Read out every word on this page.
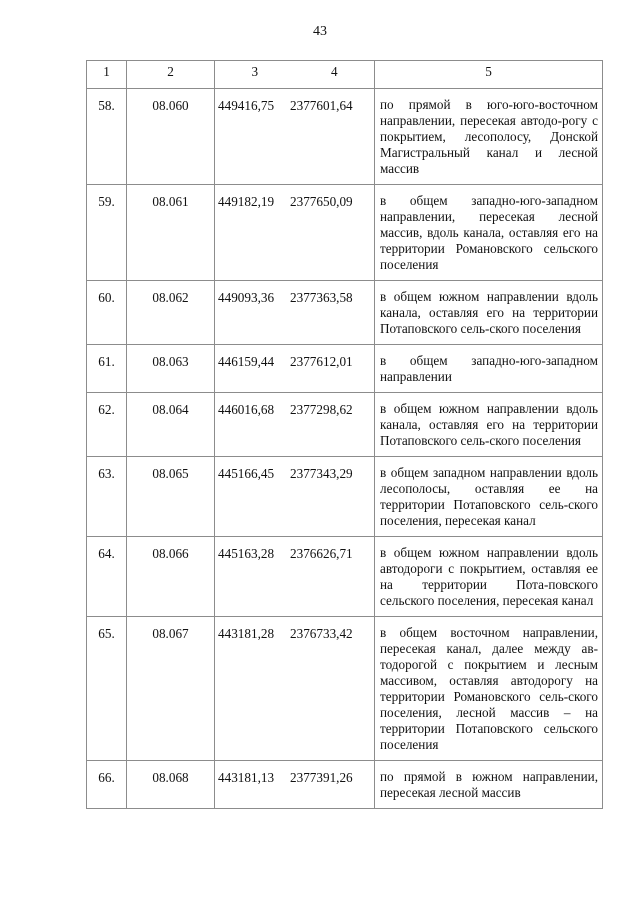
43
1	2	3 4	5
58.	08.060	449416,75 2377601,64	по прямой в юго-юго-восточном направлении, пересекая автодо-рогу с покрытием, лесополосу, Донской Магистральный канал и лесной массив
59.	08.061	449182,19 2377650,09	в общем западно-юго-западном направлении, пересекая лесной массив, вдоль канала, оставляя его на территории Романовского сельского поселения
60.	08.062	449093,36 2377363,58	в общем южном направлении вдоль канала, оставляя его на территории Потаповского сель-ского поселения
61.	08.063	446159,44 2377612,01	в общем западно-юго-западном направлении
62.	08.064	446016,68 2377298,62	в общем южном направлении вдоль канала, оставляя его на территории Потаповского сель-ского поселения
63.	08.065	445166,45 2377343,29	в общем западном направлении вдоль лесополосы, оставляя ее на территории Потаповского сель-ского поселения, пересекая канал
64.	08.066	445163,28 2376626,71	в общем южном направлении вдоль автодороги с покрытием, оставляя ее на территории Пота-повского сельского поселения, пересекая канал
65.	08.067	443181,28 2376733,42	в общем восточном направлении, пересекая канал, далее между ав-тодорогой с покрытием и лесным массивом, оставляя автодорогу на территории Романовского сель-ского поселения, лесной массив – на территории Потаповского сельского поселения
66.	08.068	443181,13 2377391,26	по прямой в южном направлении, пересекая лесной массив
